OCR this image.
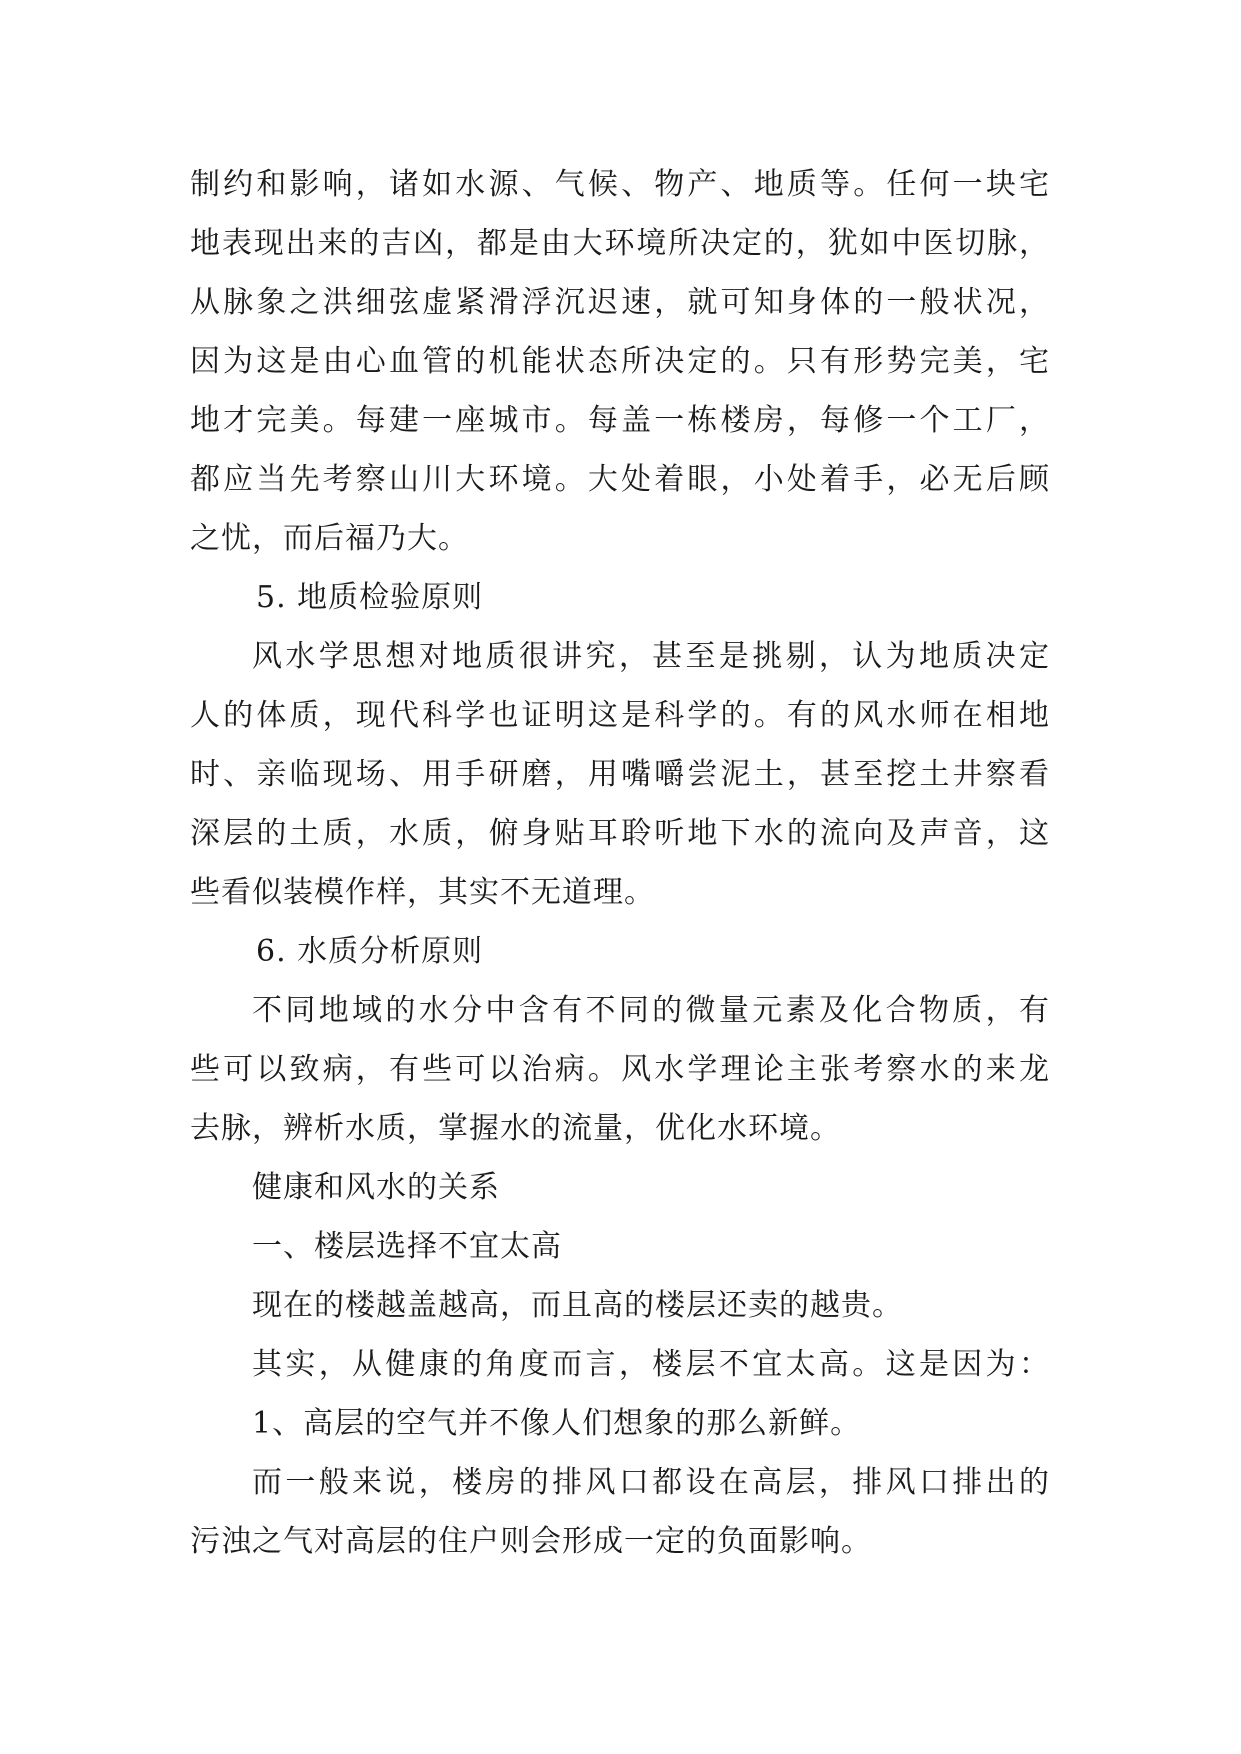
制约和影响，诸如水源、气候、物产、地质等。任何一块宅
地表现出来的吉凶，都是由大环境所决定的，犹如中医切脉，
从脉象之洪细弦虚紧滑浮沉迟速，就可知身体的一般状况，
因为这是由心血管的机能状态所决定的。只有形势完美，宅
地才完美。每建一座城市。每盖一栋楼房，每修一个工厂，
都应当先考察山川大环境。大处着眼，小处着手，必无后顾
之忧，而后福乃大。
5. 地质检验原则
风水学思想对地质很讲究，甚至是挑剔，认为地质决定
人的体质，现代科学也证明这是科学的。有的风水师在相地
时、亲临现场、用手研磨，用嘴嚼尝泥土，甚至挖土井察看
深层的土质，水质，俯身贴耳聆听地下水的流向及声音，这
些看似装模作样，其实不无道理。
6. 水质分析原则
不同地域的水分中含有不同的微量元素及化合物质，有
些可以致病，有些可以治病。风水学理论主张考察水的来龙
去脉，辨析水质，掌握水的流量，优化水环境。
健康和风水的关系
一、楼层选择不宜太高
现在的楼越盖越高，而且高的楼层还卖的越贵。
其实，从健康的角度而言，楼层不宜太高。这是因为：
1、高层的空气并不像人们想象的那么新鲜。
而一般来说，楼房的排风口都设在高层，排风口排出的
污浊之气对高层的住户则会形成一定的负面影响。
